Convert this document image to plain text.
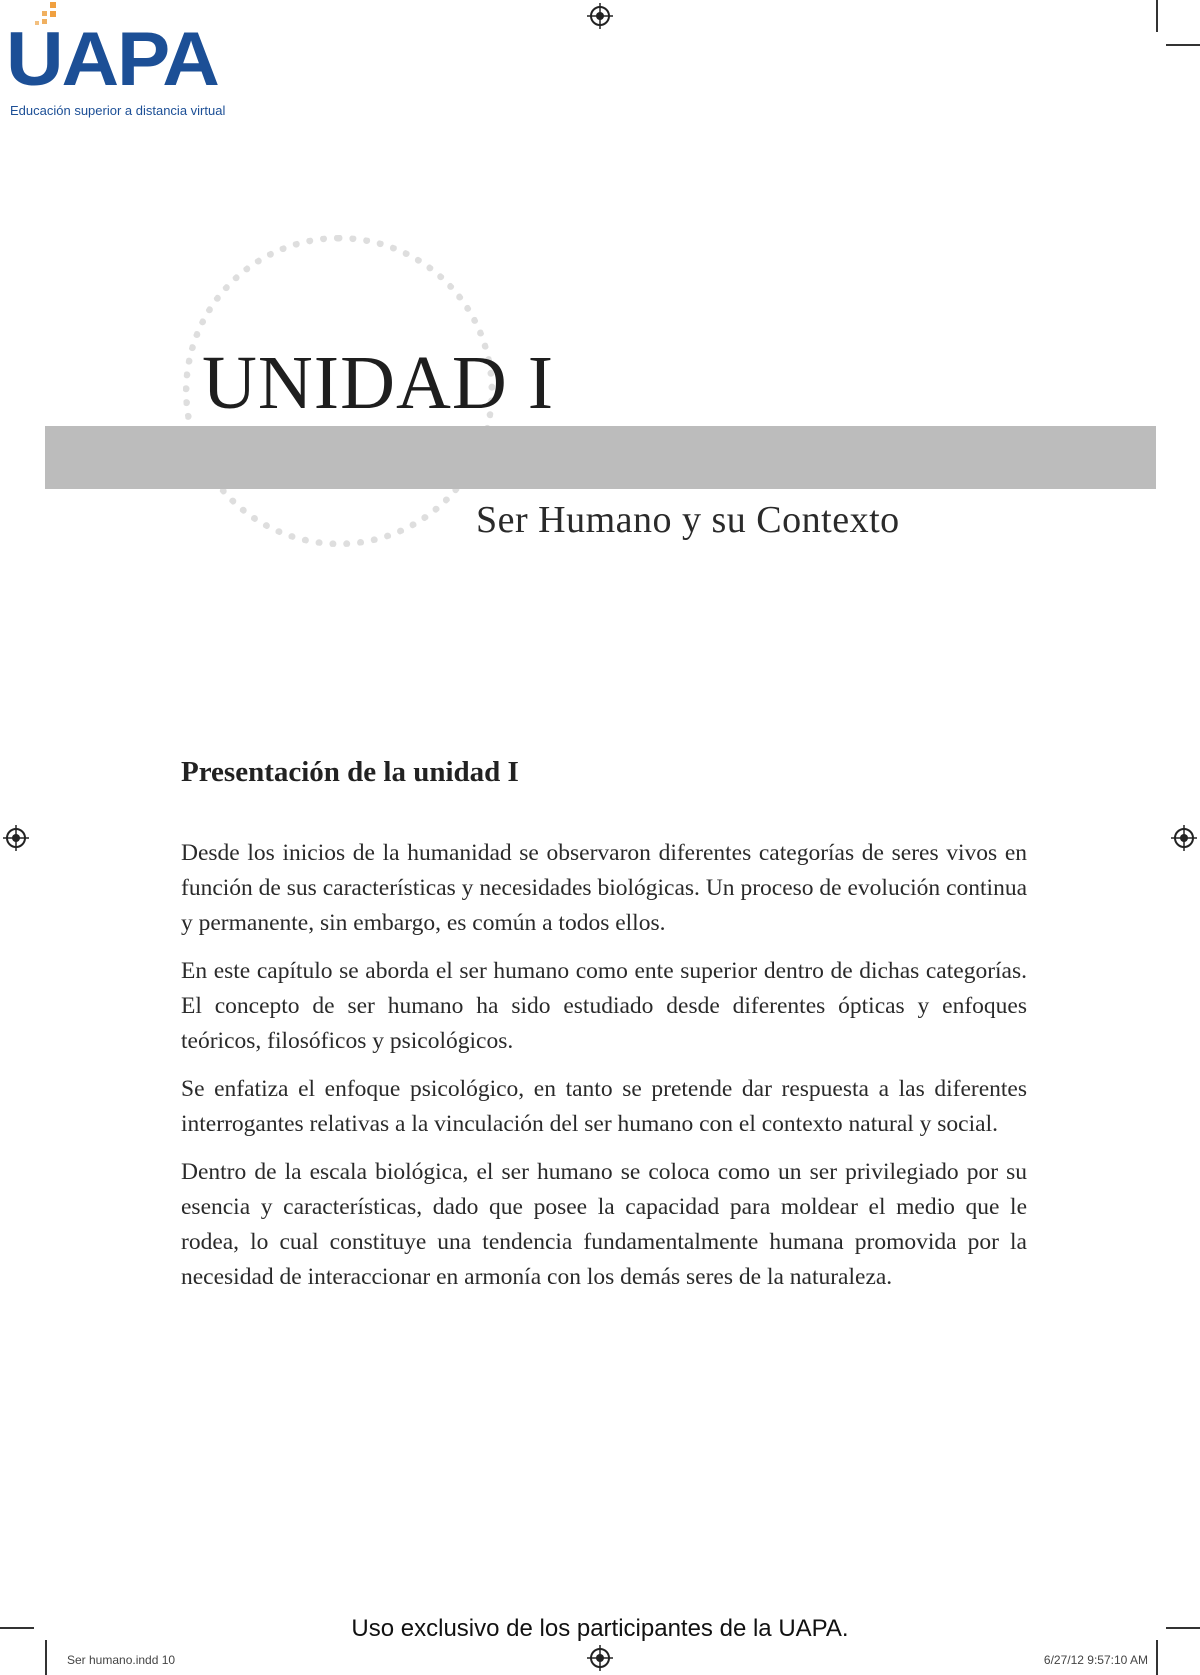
UAPA
Educación superior a distancia virtual
UNIDAD I
Ser Humano y su Contexto
Presentación de la unidad I

Desde los inicios de la humanidad se observaron diferentes categorías de seres vivos en función de sus características y necesidades biológicas. Un proceso de evolución continua y permanente, sin embargo, es común a todos ellos.

En este capítulo se aborda el ser humano como ente superior dentro de dichas categorías. El concepto de ser humano ha sido estudiado desde diferentes ópticas y enfoques teóricos, filosóficos y psicológicos.

Se enfatiza el enfoque psicológico, en tanto se pretende dar respuesta a las diferentes interrogantes relativas a la vinculación del ser humano con el contexto natural y social.

Dentro de la escala biológica, el ser humano se coloca como un ser privilegiado por su esencia y características, dado que posee la capacidad para moldear el medio que le rodea, lo cual constituye una tendencia fundamentalmente humana promovida por la necesidad de interaccionar en armonía con los demás seres de la naturaleza.

Uso exclusivo de los participantes de la UAPA.
Ser humano.indd 10	6/27/12 9:57:10 AM
